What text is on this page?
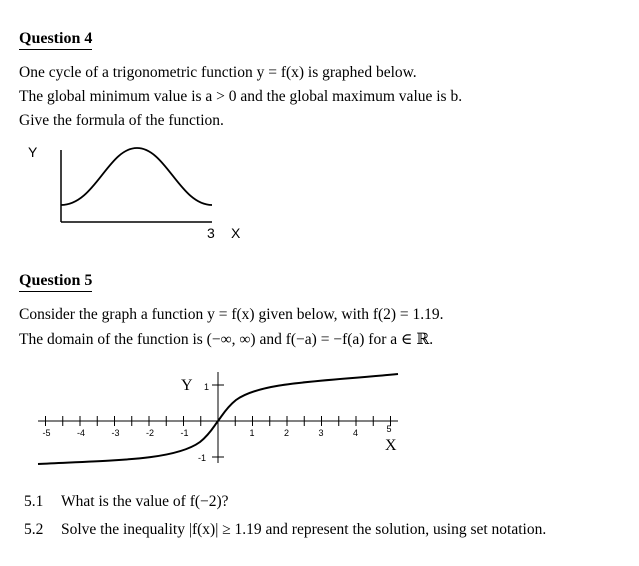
Question 4
One cycle of a trigonometric function y = f(x) is graphed below.
The global minimum value is a > 0 and the global maximum value is b.
Give the formula of the function.
Y
3 X
Question 5
Consider the graph a function y = f(x) given below, with f(2) = 1.19.
The domain of the function is (−∞, ∞) and f(−a) = −f(a) for a ∈ ℝ.
Y 1
-1
X
-5	-4	-3	-2	-1	1	2	3	4	5
5.1 What is the value of f(−2)?
5.2 Solve the inequality |f(x)| ≥ 1.19 and represent the solution, using set notation.
